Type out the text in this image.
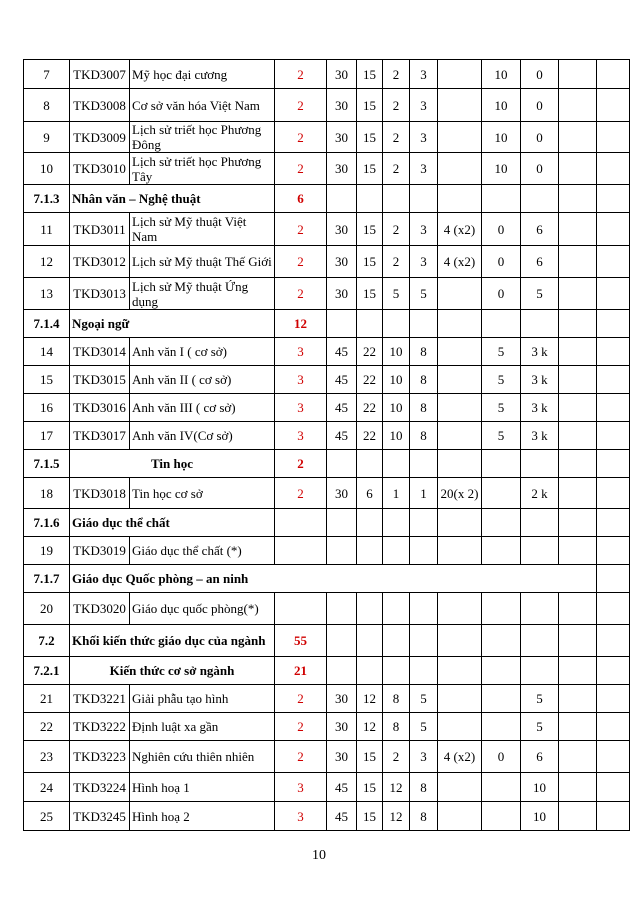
7	TKD3007	Mỹ học đại cương	2	30	15	2	3		10	0		
8	TKD3008	Cơ sở văn hóa Việt Nam	2	30	15	2	3		10	0		
9	TKD3009	Lịch sử triết học Phương Đông	2	30	15	2	3		10	0		
10	TKD3010	Lịch sử triết học Phương Tây	2	30	15	2	3		10	0		
7.1.3	Nhân văn – Nghệ thuật		6									
11	TKD3011	Lịch sử Mỹ thuật Việt Nam	2	30	15	2	3	4 (x2)	0	6		
12	TKD3012	Lịch sử Mỹ thuật Thế Giới	2	30	15	2	3	4 (x2)	0	6		
13	TKD3013	Lịch sử Mỹ thuật Ứng dụng	2	30	15	5	5		0	5		
7.1.4	Ngoại ngữ		12									
14	TKD3014	Anh văn I ( cơ sở)	3	45	22	10	8		5	3 k		
15	TKD3015	Anh văn II ( cơ sở)	3	45	22	10	8		5	3 k		
16	TKD3016	Anh văn III ( cơ sở)	3	45	22	10	8		5	3 k		
17	TKD3017	Anh văn IV(Cơ sở)	3	45	22	10	8		5	3 k		
7.1.5	Tin học		2									
18	TKD3018	Tin học cơ sở	2	30	6	1	1	20(x 2)		2 k		
7.1.6	Giáo dục thể chất											
19	TKD3019	Giáo dục thể chất (*)										
7.1.7	Giáo dục Quốc phòng – an ninh											
20	TKD3020	Giáo dục quốc phòng(*)										
7.2	Khối kiến thức giáo dục của ngành		55									
7.2.1	Kiến thức cơ sở ngành		21									
21	TKD3221	Giải phẫu tạo hình	2	30	12	8	5			5		
22	TKD3222	Định luật xa gần	2	30	12	8	5			5		
23	TKD3223	Nghiên cứu thiên nhiên	2	30	15	2	3	4 (x2)	0	6		
24	TKD3224	Hình hoạ 1	3	45	15	12	8			10		
25	TKD3245	Hình hoạ 2	3	45	15	12	8			10		
10
